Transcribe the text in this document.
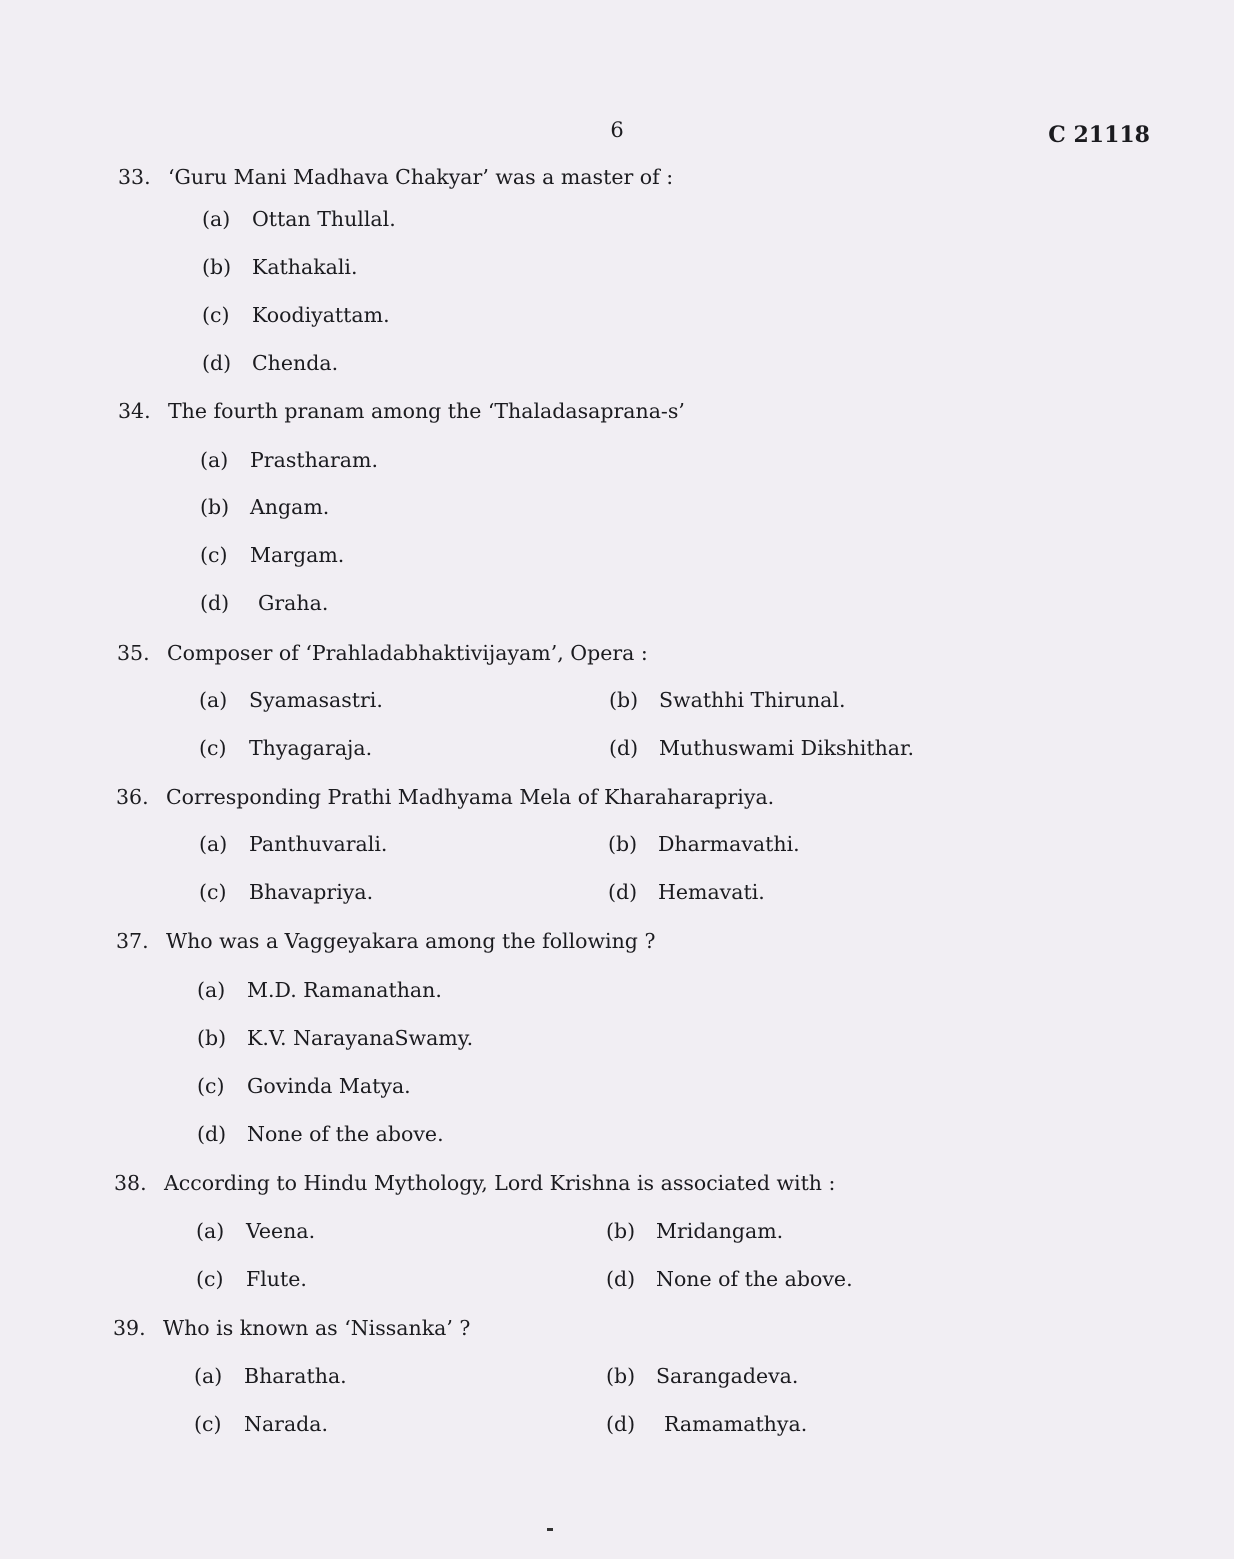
6	C 21118
33. ‘Guru Mani Madhava Chakyar’ was a master of :
(a) Ottan Thullal.
(b) Kathakali.
(c) Koodiyattam.
(d) Chenda.
34. The fourth pranam among the ‘Thaladasaprana-s’
(a) Prastharam.
(b) Angam.
(c) Margam.
(d) Graha.
35. Composer of ‘Prahladabhaktivijayam’, Opera :
(a) Syamasastri.	(b) Swathhi Thirunal.
(c) Thyagaraja.	(d) Muthuswami Dikshithar.
36. Corresponding Prathi Madhyama Mela of Kharaharapriya.
(a) Panthuvarali.	(b) Dharmavathi.
(c) Bhavapriya.	(d) Hemavati.
37. Who was a Vaggeyakara among the following ?
(a) M.D. Ramanathan.
(b) K.V. NarayanaSwamy.
(c) Govinda Matya.
(d) None of the above.
38. According to Hindu Mythology, Lord Krishna is associated with :
(a) Veena.	(b) Mridangam.
(c) Flute.	(d) None of the above.
39. Who is known as ‘Nissanka’ ?
(a) Bharatha.	(b) Sarangadeva.
(c) Narada.	(d) Ramamathya.
